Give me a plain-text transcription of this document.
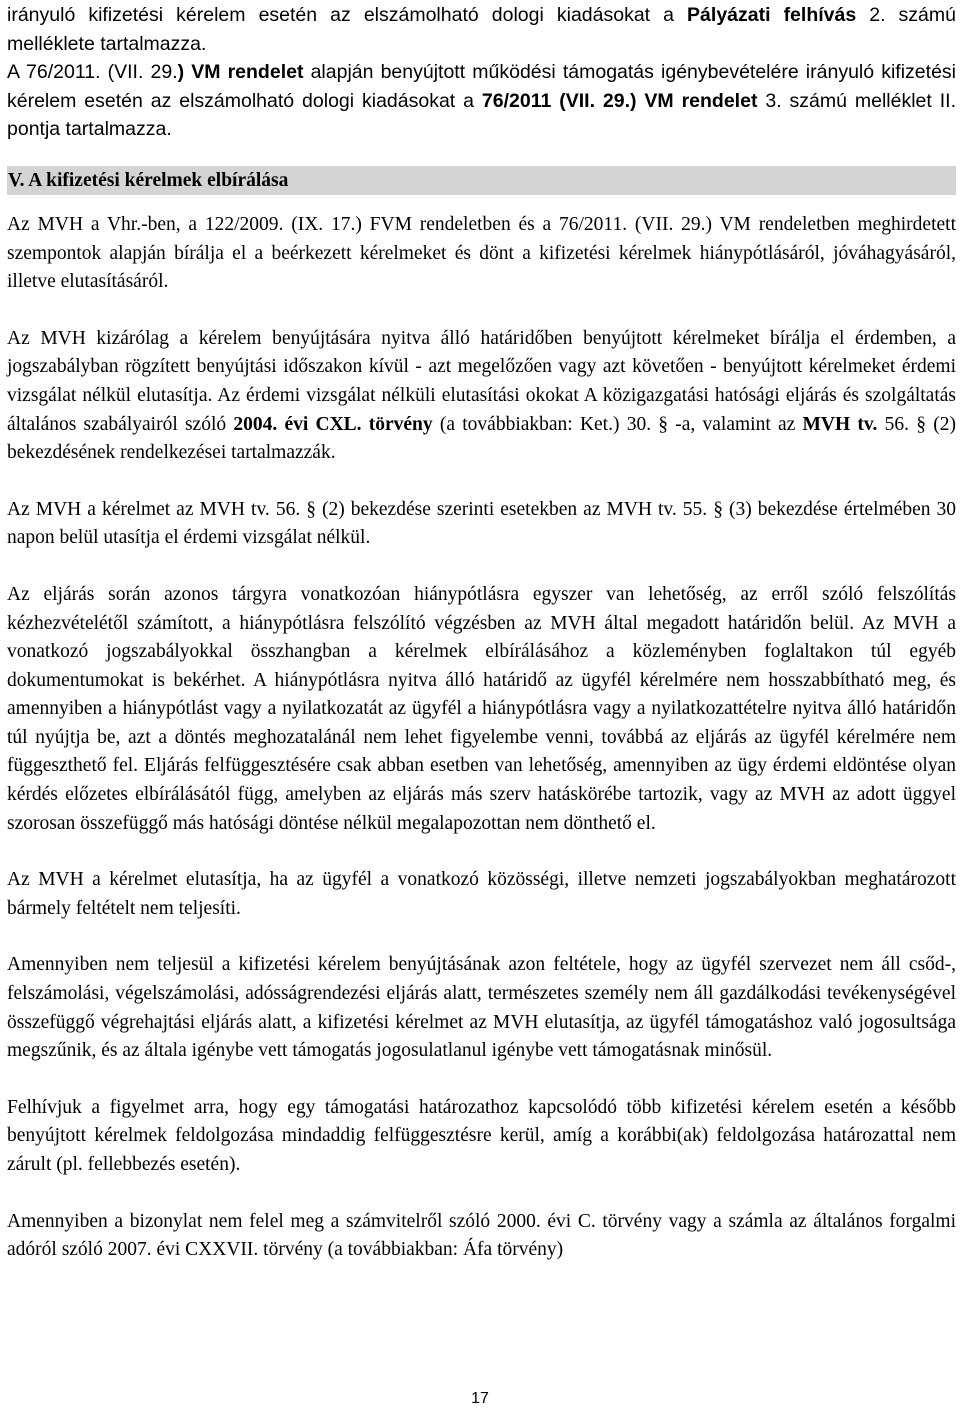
irányuló kifizetési kérelem esetén az elszámolható dologi kiadásokat a Pályázati felhívás 2. számú melléklete tartalmazza.
A 76/2011. (VII. 29.) VM rendelet alapján benyújtott működési támogatás igénybevételére irányuló kifizetési kérelem esetén az elszámolható dologi kiadásokat a 76/2011 (VII. 29.) VM rendelet 3. számú melléklet II. pontja tartalmazza.

V. A kifizetési kérelmek elbírálása

Az MVH a Vhr.-ben, a 122/2009. (IX. 17.) FVM rendeletben és a 76/2011. (VII. 29.) VM rendeletben meghirdetett szempontok alapján bírálja el a beérkezett kérelmeket és dönt a kifizetési kérelmek hiánypótlásáról, jóváhagyásáról, illetve elutasításáról.

Az MVH kizárólag a kérelem benyújtására nyitva álló határidőben benyújtott kérelmeket bírálja el érdemben, a jogszabályban rögzített benyújtási időszakon kívül - azt megelőzően vagy azt követően - benyújtott kérelmeket érdemi vizsgálat nélkül elutasítja. Az érdemi vizsgálat nélküli elutasítási okokat A közigazgatási hatósági eljárás és szolgáltatás általános szabályairól szóló 2004. évi CXL. törvény (a továbbiakban: Ket.) 30. § -a, valamint az MVH tv. 56. § (2) bekezdésének rendelkezései tartalmazzák.

Az MVH a kérelmet az MVH tv. 56. § (2) bekezdése szerinti esetekben az MVH tv. 55. § (3) bekezdése értelmében 30 napon belül utasítja el érdemi vizsgálat nélkül.

Az eljárás során azonos tárgyra vonatkozóan hiánypótlásra egyszer van lehetőség, az erről szóló felszólítás kézhezvételétől számított, a hiánypótlásra felszólító végzésben az MVH által megadott határidőn belül. Az MVH a vonatkozó jogszabályokkal összhangban a kérelmek elbírálásához a közleményben foglaltakon túl egyéb dokumentumokat is bekérhet. A hiánypótlásra nyitva álló határidő az ügyfél kérelmére nem hosszabbítható meg, és amennyiben a hiánypótlást vagy a nyilatkozatát az ügyfél a hiánypótlásra vagy a nyilatkozattételre nyitva álló határidőn túl nyújtja be, azt a döntés meghozatalánál nem lehet figyelembe venni, továbbá az eljárás az ügyfél kérelmére nem függeszthető fel. Eljárás felfüggesztésére csak abban esetben van lehetőség, amennyiben az ügy érdemi eldöntése olyan kérdés előzetes elbírálásától függ, amelyben az eljárás más szerv hatáskörébe tartozik, vagy az MVH az adott üggyel szorosan összefüggő más hatósági döntése nélkül megalapozottan nem dönthető el.

Az MVH a kérelmet elutasítja, ha az ügyfél a vonatkozó közösségi, illetve nemzeti jogszabályokban meghatározott bármely feltételt nem teljesíti.

Amennyiben nem teljesül a kifizetési kérelem benyújtásának azon feltétele, hogy az ügyfél szervezet nem áll csőd-, felszámolási, végelszámolási, adósságrendezési eljárás alatt, természetes személy nem áll gazdálkodási tevékenységével összefüggő végrehajtási eljárás alatt, a kifizetési kérelmet az MVH elutasítja, az ügyfél támogatáshoz való jogosultsága megszűnik, és az általa igénybe vett támogatás jogosulatlanul igénybe vett támogatásnak minősül.

Felhívjuk a figyelmet arra, hogy egy támogatási határozathoz kapcsolódó több kifizetési kérelem esetén a később benyújtott kérelmek feldolgozása mindaddig felfüggesztésre kerül, amíg a korábbi(ak) feldolgozása határozattal nem zárult (pl. fellebbezés esetén).

Amennyiben a bizonylat nem felel meg a számvitelről szóló 2000. évi C. törvény vagy a számla az általános forgalmi adóról szóló 2007. évi CXXVII. törvény (a továbbiakban: Áfa törvény)

17
